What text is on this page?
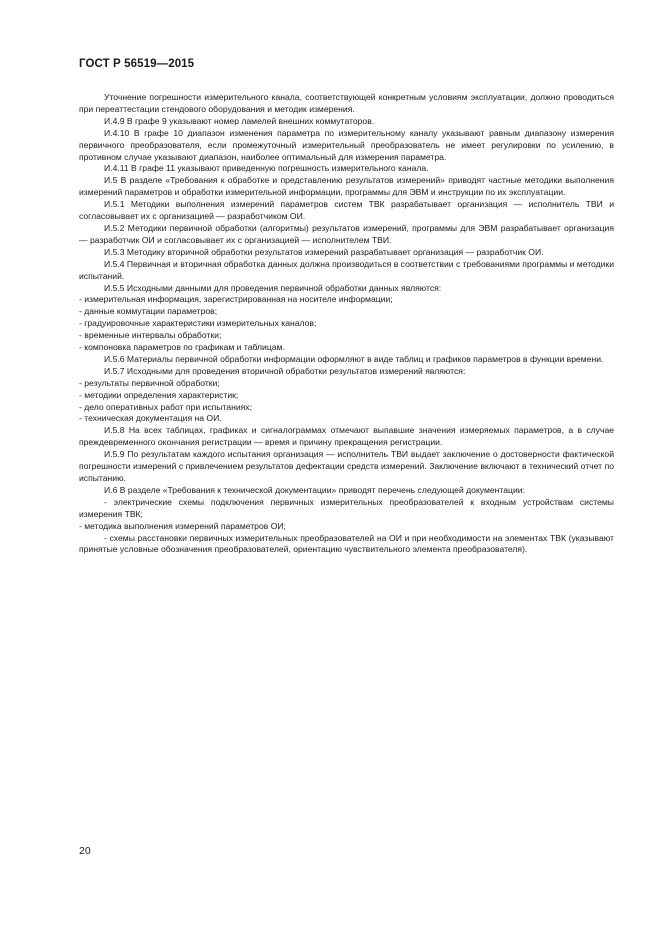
ГОСТ Р 56519—2015

Уточнение погрешности измерительного канала, соответствующей конкретным условиям эксплуатации, должно проводиться при переаттестации стендового оборудования и методик измерения.

И.4.9 В графе 9 указывают номер ламелей внешних коммутаторов.

И.4.10 В графе 10 диапазон изменения параметра по измерительному каналу указывают равным диапазону измерения первичного преобразователя, если промежуточный измерительный преобразователь не имеет регулировки по усилению, в противном случае указывают диапазон, наиболее оптимальный для измерения параметра.

И.4.11 В графе 11 указывают приведенную погрешность измерительного канала.

И.5 В разделе «Требования к обработке и представлению результатов измерений» приводят частные методики выполнения измерений параметров и обработки измерительной информации, программы для ЭВМ и инструкции по их эксплуатации.

И.5.1 Методики выполнения измерений параметров систем ТВК разрабатывает организация — исполнитель ТВИ и согласовывает их с организацией — разработчиком ОИ.

И.5.2 Методики первичной обработки (алгоритмы) результатов измерений, программы для ЭВМ разрабатывает организация — разработчик ОИ и согласовывает их с организацией — исполнителем ТВИ.

И.5.3 Методику вторичной обработки результатов измерений разрабатывает организация — разработчик ОИ.

И.5.4 Первичная и вторичная обработка данных должна производиться в соответствии с требованиями программы и методики испытаний.

И.5.5 Исходными данными для проведения первичной обработки данных являются:

- измерительная информация, зарегистрированная на носителе информации;

- данные коммутации параметров;

- градуировочные характеристики измерительных каналов;

- временные интервалы обработки;

- компоновка параметров по графикам и таблицам.

И.5.6 Материалы первичной обработки информации оформляют в виде таблиц и графиков параметров в функции времени.

И.5.7 Исходными для проведения вторичной обработки результатов измерений являются:

- результаты первичной обработки;

- методики определения характеристик;

- дело оперативных работ при испытаниях;

- техническая документация на ОИ.

И.5.8 На всех таблицах, графиках и сигналограммах отмечают выпавшие значения измеряемых параметров, а в случае преждевременного окончания регистрации — время и причину прекращения регистрации.

И.5.9 По результатам каждого испытания организация — исполнитель ТВИ выдает заключение о достоверности фактической погрешности измерений с привлечением результатов дефектации средств измерений. Заключение включают в технический отчет по испытанию.

И.6 В разделе «Требования к технической документации» приводят перечень следующей документации:

- электрические схемы подключения первичных измерительных преобразователей к входным устройствам системы измерения ТВК;

- методика выполнения измерений параметров ОИ;

- схемы расстановки первичных измерительных преобразователей на ОИ и при необходимости на элементах ТВК (указывают принятые условные обозначения преобразователей, ориентацию чувствительного элемента преобразователя).

20
